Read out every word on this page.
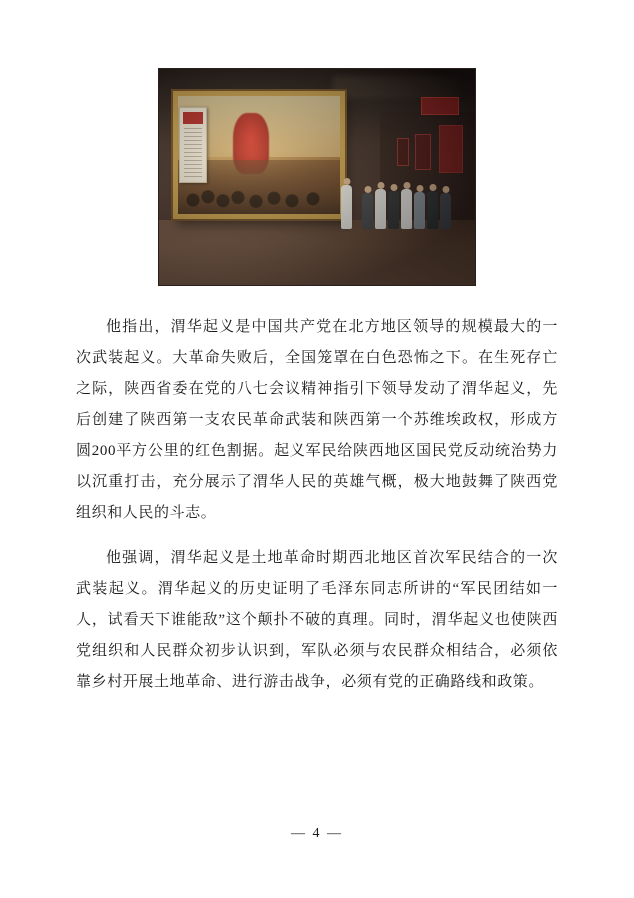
他指出，渭华起义是中国共产党在北方地区领导的规模最大的一次武装起义。大革命失败后，全国笼罩在白色恐怖之下。在生死存亡之际，陕西省委在党的八七会议精神指引下领导发动了渭华起义，先后创建了陕西第一支农民革命武装和陕西第一个苏维埃政权，形成方圆200平方公里的红色割据。起义军民给陕西地区国民党反动统治势力以沉重打击，充分展示了渭华人民的英雄气概，极大地鼓舞了陕西党组织和人民的斗志。

他强调，渭华起义是土地革命时期西北地区首次军民结合的一次武装起义。渭华起义的历史证明了毛泽东同志所讲的“军民团结如一人，试看天下谁能敌”这个颠扑不破的真理。同时，渭华起义也使陕西党组织和人民群众初步认识到，军队必须与农民群众相结合，必须依靠乡村开展土地革命、进行游击战争，必须有党的正确路线和政策。

— 4 —
